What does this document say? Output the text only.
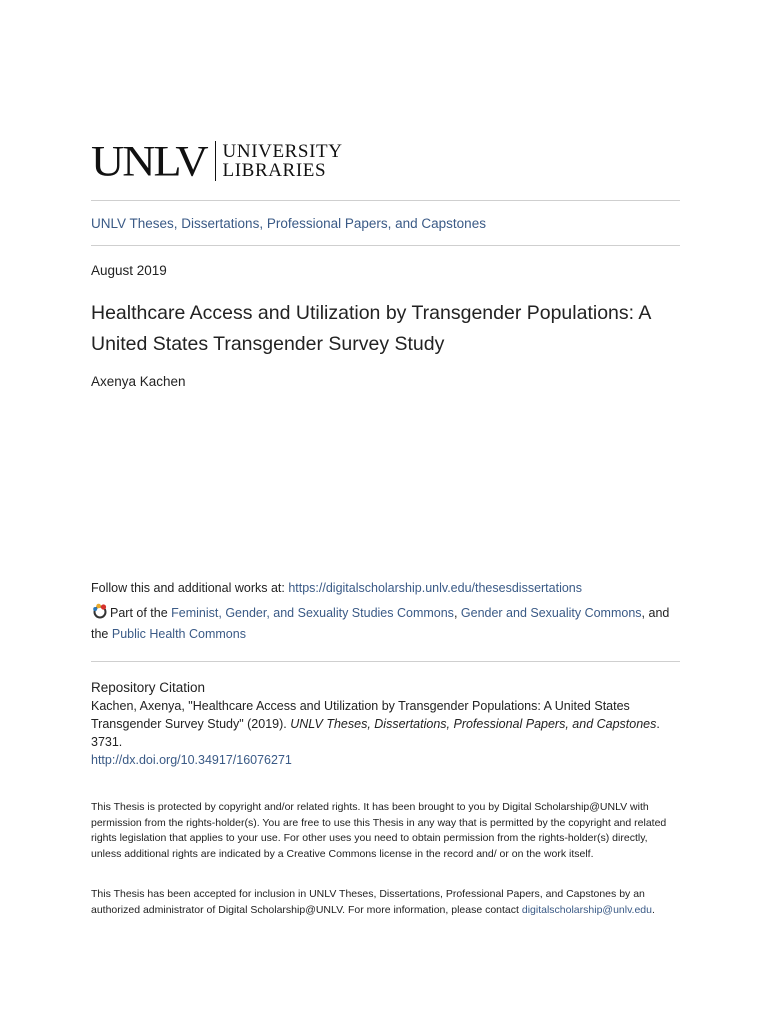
UNLV UNIVERSITY
LIBRARIES
UNLV Theses, Dissertations, Professional Papers, and Capstones
August 2019
Healthcare Access and Utilization by Transgender Populations: A United States Transgender Survey Study
Axenya Kachen
Follow this and additional works at: https://digitalscholarship.unlv.edu/thesesdissertations
Part of the Feminist, Gender, and Sexuality Studies Commons, Gender and Sexuality Commons, and the Public Health Commons
Repository Citation
Kachen, Axenya, "Healthcare Access and Utilization by Transgender Populations: A United States Transgender Survey Study" (2019). UNLV Theses, Dissertations, Professional Papers, and Capstones. 3731.
http://dx.doi.org/10.34917/16076271
This Thesis is protected by copyright and/or related rights. It has been brought to you by Digital Scholarship@UNLV with permission from the rights-holder(s). You are free to use this Thesis in any way that is permitted by the copyright and related rights legislation that applies to your use. For other uses you need to obtain permission from the rights-holder(s) directly, unless additional rights are indicated by a Creative Commons license in the record and/ or on the work itself.
This Thesis has been accepted for inclusion in UNLV Theses, Dissertations, Professional Papers, and Capstones by an authorized administrator of Digital Scholarship@UNLV. For more information, please contact digitalscholarship@unlv.edu.
